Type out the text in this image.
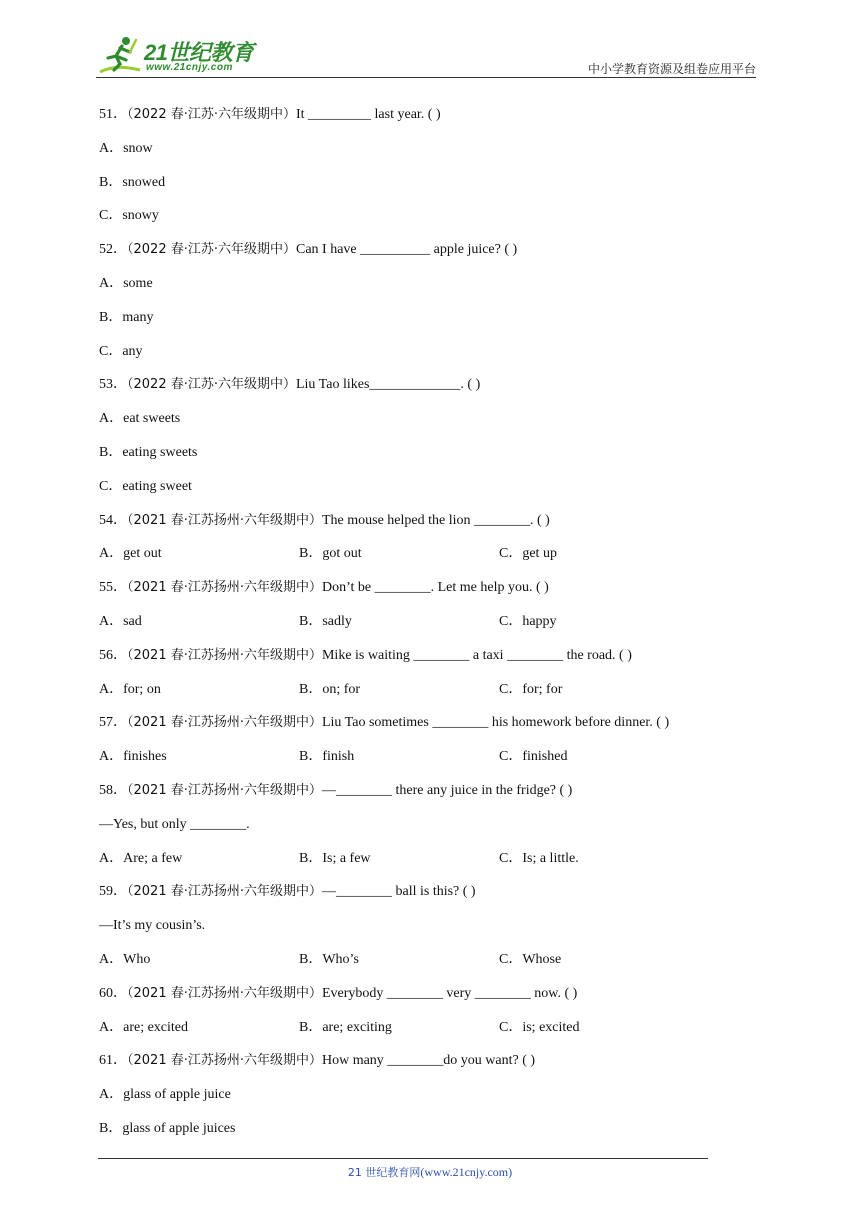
21世纪教育
www.21cnjy.com	中小学教育资源及组卷应用平台
51．（2022 春·江苏·六年级期中）It _________ last year. ( )
A．snow
B．snowed
C．snowy
52．（2022 春·江苏·六年级期中）Can I have __________ apple juice? ( )
A．some
B．many
C．any
53．（2022 春·江苏·六年级期中）Liu Tao likes_____________. ( )
A．eat sweets
B．eating sweets
C．eating sweet
54．（2021 春·江苏扬州·六年级期中）The mouse helped the lion ________. ( )
A．get out	B．got out	C．get up
55．（2021 春·江苏扬州·六年级期中）Don’t be ________. Let me help you. ( )
A．sad	B．sadly	C．happy
56．（2021 春·江苏扬州·六年级期中）Mike is waiting ________ a taxi ________ the road. ( )
A．for; on	B．on; for	C．for; for
57．（2021 春·江苏扬州·六年级期中）Liu Tao sometimes ________ his homework before dinner. ( )
A．finishes	B．finish	C．finished
58．（2021 春·江苏扬州·六年级期中）—________ there any juice in the fridge? ( )
—Yes, but only ________.
A．Are; a few	B．Is; a few	C．Is; a little.
59．（2021 春·江苏扬州·六年级期中）—________ ball is this? ( )
—It’s my cousin’s.
A．Who	B．Who’s	C．Whose
60．（2021 春·江苏扬州·六年级期中）Everybody ________ very ________ now. ( )
A．are; excited	B．are; exciting	C．is; excited
61．（2021 春·江苏扬州·六年级期中）How many ________do you want? ( )
A．glass of apple juice
B．glass of apple juices
21 世纪教育网(www.21cnjy.com)
